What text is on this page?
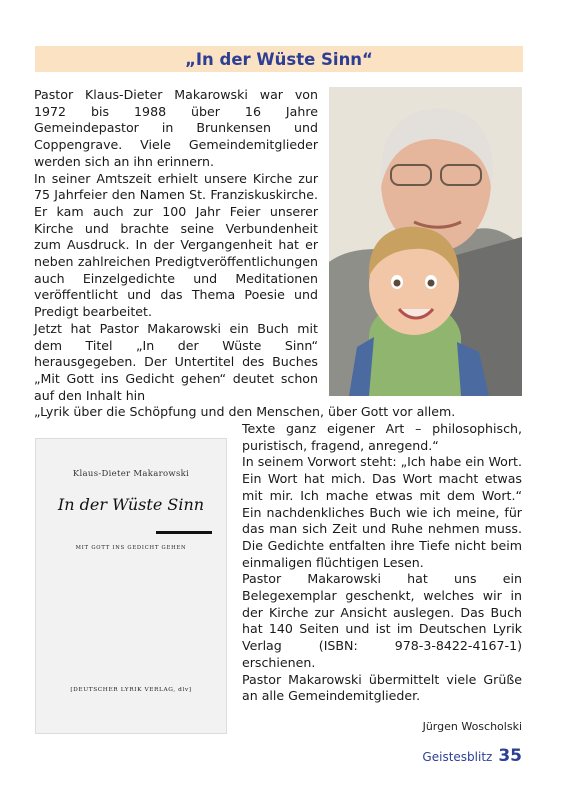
„In der Wüste Sinn“

Pastor Klaus-Dieter Makarowski war von 1972 bis 1988 über 16 Jahre Gemeindepastor in Brunkensen und Coppengrave. Viele Gemeindemitglieder werden sich an ihn erinnern.

In seiner Amtszeit erhielt unsere Kirche zur 75 Jahrfeier den Namen St. Franziskuskirche. Er kam auch zur 100 Jahr Feier unserer Kirche und brachte seine Verbundenheit zum Ausdruck. In der Vergangenheit hat er neben zahlreichen Predigtveröffentlichungen auch Einzelgedichte und Meditationen veröffentlicht und das Thema Poesie und Predigt bearbeitet.

Jetzt hat Pastor Makarowski ein Buch mit dem Titel „In der Wüste Sinn“ herausgegeben. Der Untertitel des Buches „Mit Gott ins Gedicht gehen“ deutet schon auf den Inhalt hin

„Lyrik über die Schöpfung und den Menschen, über Gott vor allem.

Klaus-Dieter Makarowski
In der Wüste Sinn
MIT GOTT INS GEDICHT GEHEN
[DEUTSCHER LYRIK VERLAG, dlv]

Texte ganz eigener Art – philosophisch, puristisch, fragend, anregend.“

In seinem Vorwort steht: „Ich habe ein Wort. Ein Wort hat mich. Das Wort macht etwas mit mir. Ich mache etwas mit dem Wort.“ Ein nachdenkliches Buch wie ich meine, für das man sich Zeit und Ruhe nehmen muss. Die Gedichte entfalten ihre Tiefe nicht beim einmaligen flüchtigen Lesen.

Pastor Makarowski hat uns ein Belegexemplar geschenkt, welches wir in der Kirche zur Ansicht auslegen. Das Buch hat 140 Seiten und ist im Deutschen Lyrik Verlag (ISBN: 978-3-8422-4167-1) erschienen.

Pastor Makarowski übermittelt viele Grüße an alle Gemeindemitglieder.

Jürgen Woscholski
Geistesblitz 35
